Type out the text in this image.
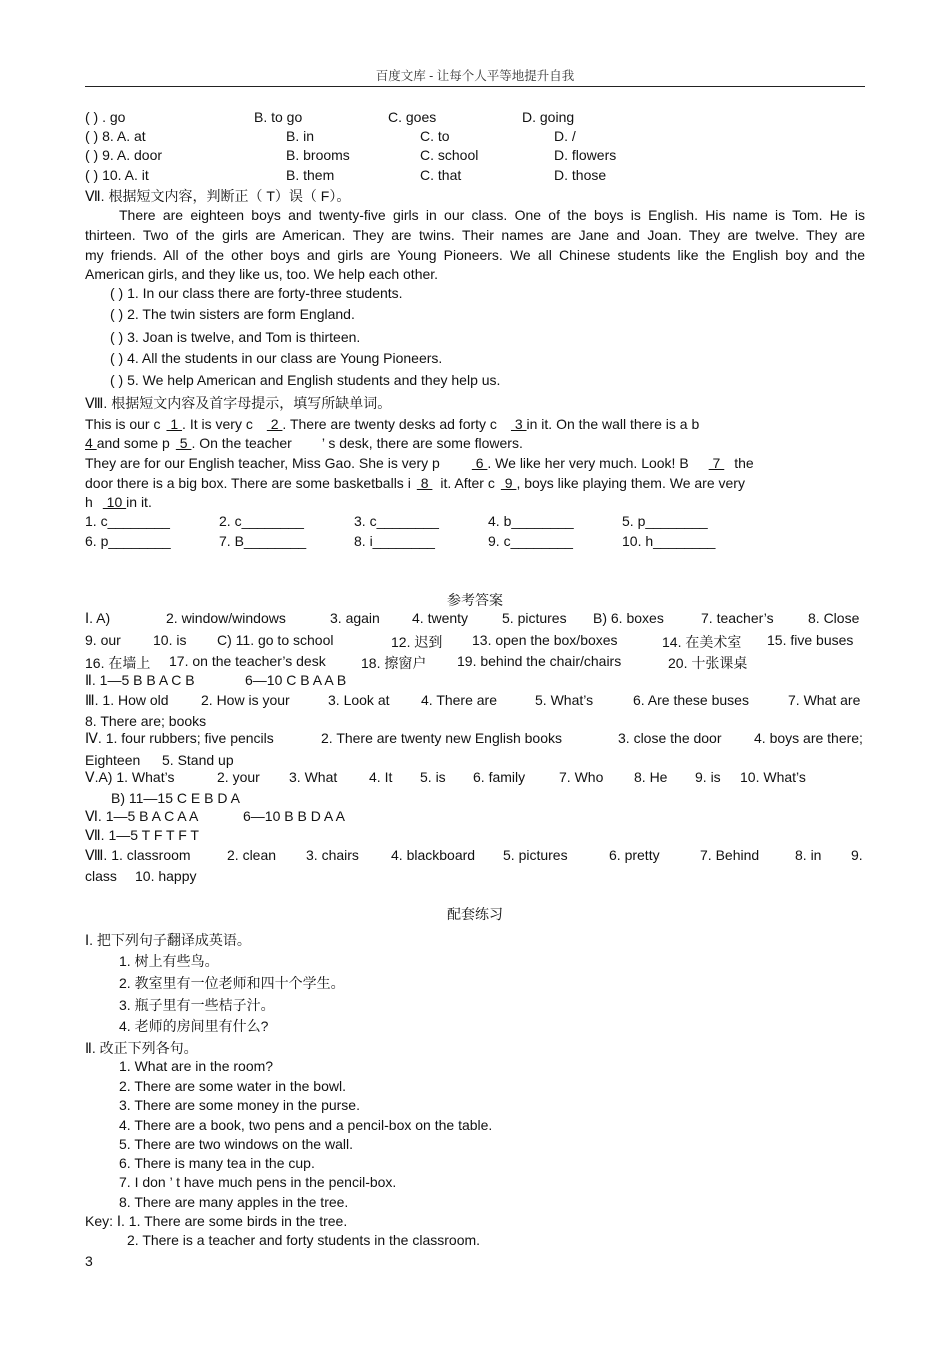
百度文库 - 让每个人平等地提升自我
( ) . go	B. to go	C. goes	D. going
( ) 8. A. at	B. in	C. to	D. /
( ) 9. A. door	B. brooms	C. school	D. flowers
( ) 10. A. it	B. them	C. that	D. those
Ⅶ. 根据短文内容，判断正（ T）误（ F）。
There are eighteen boys and twenty-five girls in our class. One of the boys is English. His name is Tom. He is
thirteen. Two of the girls are American. They are twins. Their names are Jane and Joan. They are twelve. They are
my friends. All of the other boys and girls are Young Pioneers. We all Chinese students like the English boy and the
American girls, and they like us, too. We help each other.
( ) 1. In our class there are forty-three students.
( ) 2. The twin sisters are form England.
( ) 3. Joan is twelve, and Tom is thirteen.
( ) 4. All the students in our class are Young Pioneers.
( ) 5. We help American and English students and they help us.
Ⅷ. 根据短文内容及首字母提示，填写所缺单词。
This is our c 1 . It is very c 2 . There are twenty desks ad forty c 3 in it. On the wall there is a b
4 and some p 5 . On the teacher ’ s desk, there are some flowers.
They are for our English teacher, Miss Gao. She is very p 6 . We like her very much. Look! B 7 the
door there is a big box. There are some basketballs i 8 it. After c 9 , boys like playing them. We are very
h 10 in it.
1. c________	2. c________	3. c________	4. b________	5. p________
6. p________	7. B________	8. i________	9. c________	10. h________
参考答案
Ⅰ. A)	2. window/windows	3. again 4. twenty 5. pictures B) 6. boxes	7. teacher’s 8. Close
9. our 10. is C) 11. go to school	12. 迟到 13. open the box/boxes	14. 在美术室 15. five buses
16. 在墙上 17. on the teacher’s desk	18. 擦窗户 19. behind the chair/chairs	20. 十张课桌
Ⅱ. 1—5 B B A C B	6—10 C B A A B
Ⅲ. 1. How old 2. How is your	3. Look at 4. There are	5. What’s	6. Are these buses	7. What are
8. There are; books
Ⅳ. 1. four rubbers; five pencils	2. There are twenty new English books	3. close the door 4. boys are there;
Eighteen 5. Stand up
Ⅴ.A) 1. What’s	2. your 3. What 4. It 5. is 6. family 7. Who 8. He 9. is 10. What’s
B) 11—15 C E B D A
Ⅵ. 1—5 B A C A A	6—10 B B D A A
Ⅶ. 1—5 T F T F T
Ⅷ. 1. classroom	2. clean 3. chairs 4. blackboard 5. pictures	6. pretty	7. Behind	8. in 9.
class 10. happy
配套练习
Ⅰ. 把下列句子翻译成英语。
1. 树上有些鸟。
2. 教室里有一位老师和四十个学生。
3. 瓶子里有一些桔子汁。
4. 老师的房间里有什么?
Ⅱ. 改正下列各句。
1. What are in the room?
2. There are some water in the bowl.
3. There are some money in the purse.
4. There are a book, two pens and a pencil-box on the table.
5. There are two windows on the wall.
6. There is many tea in the cup.
7. I don ’ t have much pens in the pencil-box.
8. There are many apples in the tree.
Key: Ⅰ. 1. There are some birds in the tree.
2. There is a teacher and forty students in the classroom.
3
